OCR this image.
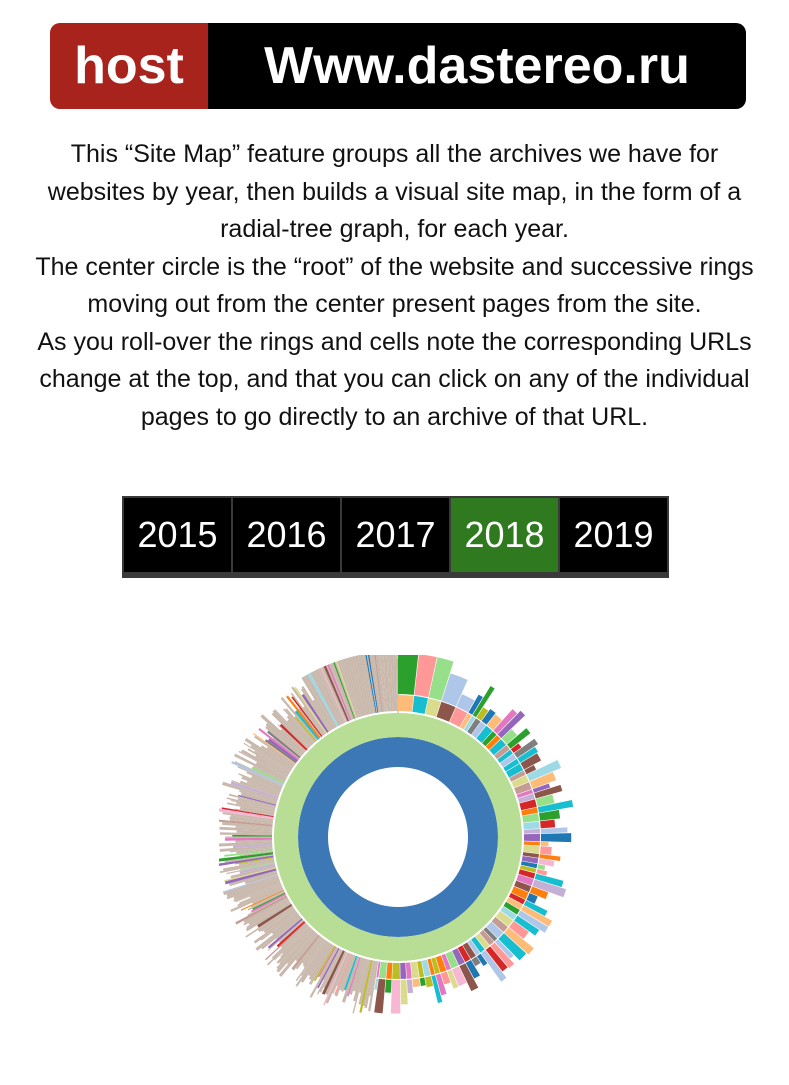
host	Www.dastereo.ru

This “Site Map” feature groups all the archives we have for websites by year, then builds a visual site map, in the form of a radial-tree graph, for each year.

The center circle is the “root” of the website and successive rings moving out from the center present pages from the site.

As you roll-over the rings and cells note the corresponding URLs change at the top, and that you can click on any of the individual pages to go directly to an archive of that URL.

2015 2016 2017 2018 2019
